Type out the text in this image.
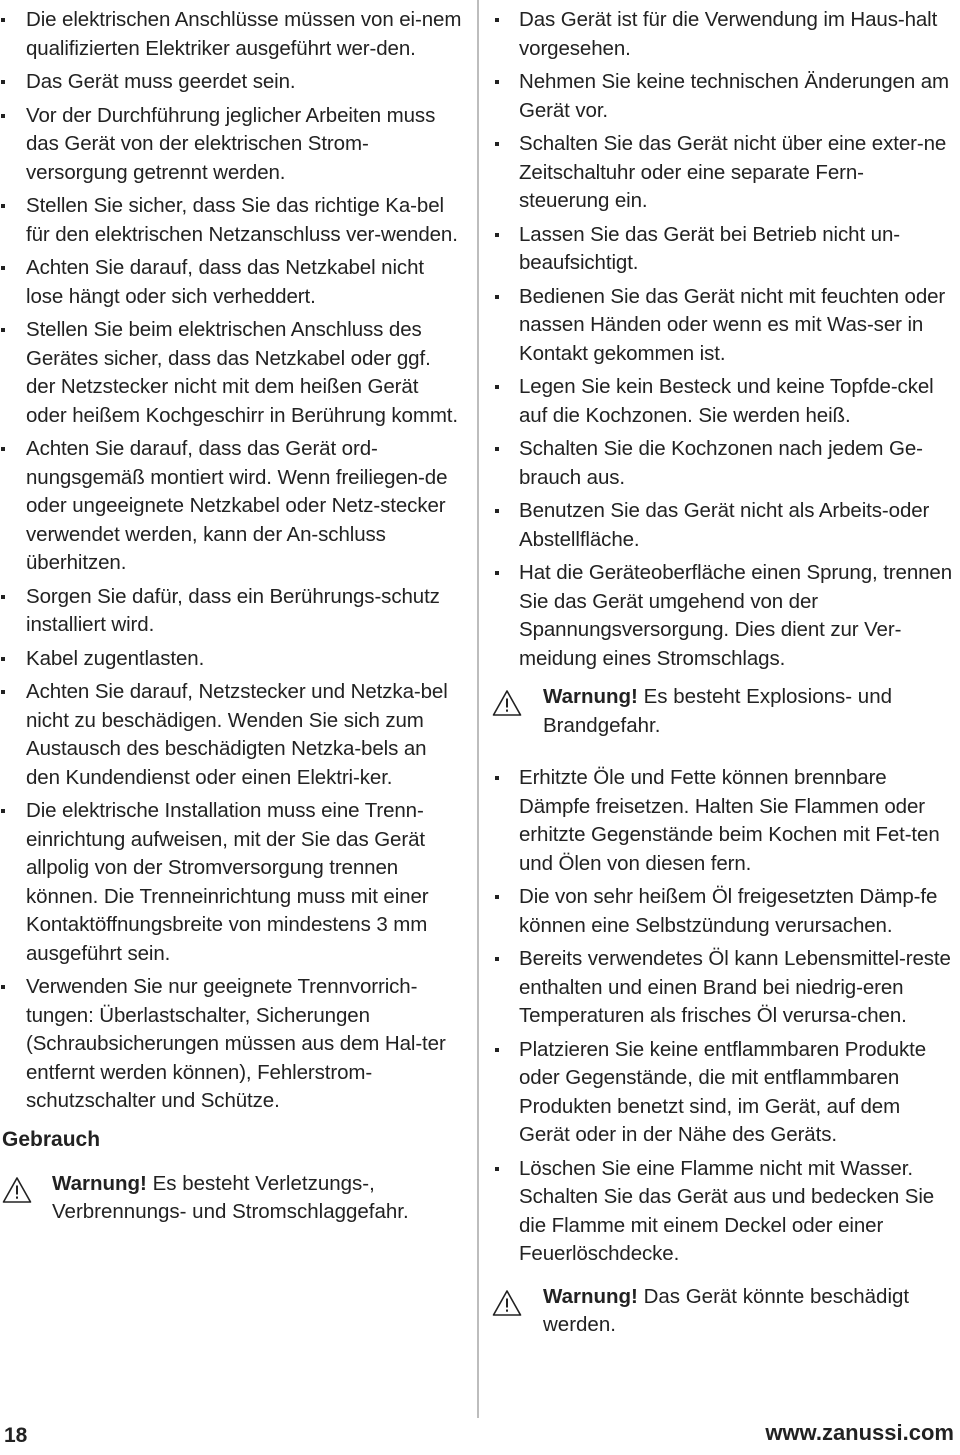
Die elektrischen Anschlüsse müssen von ei-nem qualifizierten Elektriker ausgeführt wer-den.
Das Gerät muss geerdet sein.
Vor der Durchführung jeglicher Arbeiten muss das Gerät von der elektrischen Strom-versorgung getrennt werden.
Stellen Sie sicher, dass Sie das richtige Ka-bel für den elektrischen Netzanschluss ver-wenden.
Achten Sie darauf, dass das Netzkabel nicht lose hängt oder sich verheddert.
Stellen Sie beim elektrischen Anschluss des Gerätes sicher, dass das Netzkabel oder ggf. der Netzstecker nicht mit dem heißen Gerät oder heißem Kochgeschirr in Berührung kommt.
Achten Sie darauf, dass das Gerät ord-nungsgemäß montiert wird. Wenn freiliegen-de oder ungeeignete Netzkabel oder Netz-stecker verwendet werden, kann der An-schluss überhitzen.
Sorgen Sie dafür, dass ein Berührungs-schutz installiert wird.
Kabel zugentlasten.
Achten Sie darauf, Netzstecker und Netzka-bel nicht zu beschädigen. Wenden Sie sich zum Austausch des beschädigten Netzka-bels an den Kundendienst oder einen Elektri-ker.
Die elektrische Installation muss eine Trenn-einrichtung aufweisen, mit der Sie das Gerät allpolig von der Stromversorgung trennen können. Die Trenneinrichtung muss mit einer Kontaktöffnungsbreite von mindestens 3 mm ausgeführt sein.
Verwenden Sie nur geeignete Trennvorrich-tungen: Überlastschalter, Sicherungen (Schraubsicherungen müssen aus dem Hal-ter entfernt werden können), Fehlerstrom-schutzschalter und Schütze.
Gebrauch
Warnung! Es besteht Verletzungs-, Verbrennungs- und Stromschlaggefahr.
Das Gerät ist für die Verwendung im Haus-halt vorgesehen.
Nehmen Sie keine technischen Änderungen am Gerät vor.
Schalten Sie das Gerät nicht über eine exter-ne Zeitschaltuhr oder eine separate Fern-steuerung ein.
Lassen Sie das Gerät bei Betrieb nicht un-beaufsichtigt.
Bedienen Sie das Gerät nicht mit feuchten oder nassen Händen oder wenn es mit Was-ser in Kontakt gekommen ist.
Legen Sie kein Besteck und keine Topfde-ckel auf die Kochzonen. Sie werden heiß.
Schalten Sie die Kochzonen nach jedem Ge-brauch aus.
Benutzen Sie das Gerät nicht als Arbeits-oder Abstellfläche.
Hat die Geräteoberfläche einen Sprung, trennen Sie das Gerät umgehend von der Spannungsversorgung. Dies dient zur Ver-meidung eines Stromschlags.
Warnung! Es besteht Explosions- und Brandgefahr.
Erhitzte Öle und Fette können brennbare Dämpfe freisetzen. Halten Sie Flammen oder erhitzte Gegenstände beim Kochen mit Fet-ten und Ölen von diesen fern.
Die von sehr heißem Öl freigesetzten Dämp-fe können eine Selbstzündung verursachen.
Bereits verwendetes Öl kann Lebensmittel-reste enthalten und einen Brand bei niedrig-eren Temperaturen als frisches Öl verursa-chen.
Platzieren Sie keine entflammbaren Produkte oder Gegenstände, die mit entflammbaren Produkten benetzt sind, im Gerät, auf dem Gerät oder in der Nähe des Geräts.
Löschen Sie eine Flamme nicht mit Wasser. Schalten Sie das Gerät aus und bedecken Sie die Flamme mit einem Deckel oder einer Feuerlöschdecke.
Warnung! Das Gerät könnte beschädigt werden.
18	www.zanussi.com
